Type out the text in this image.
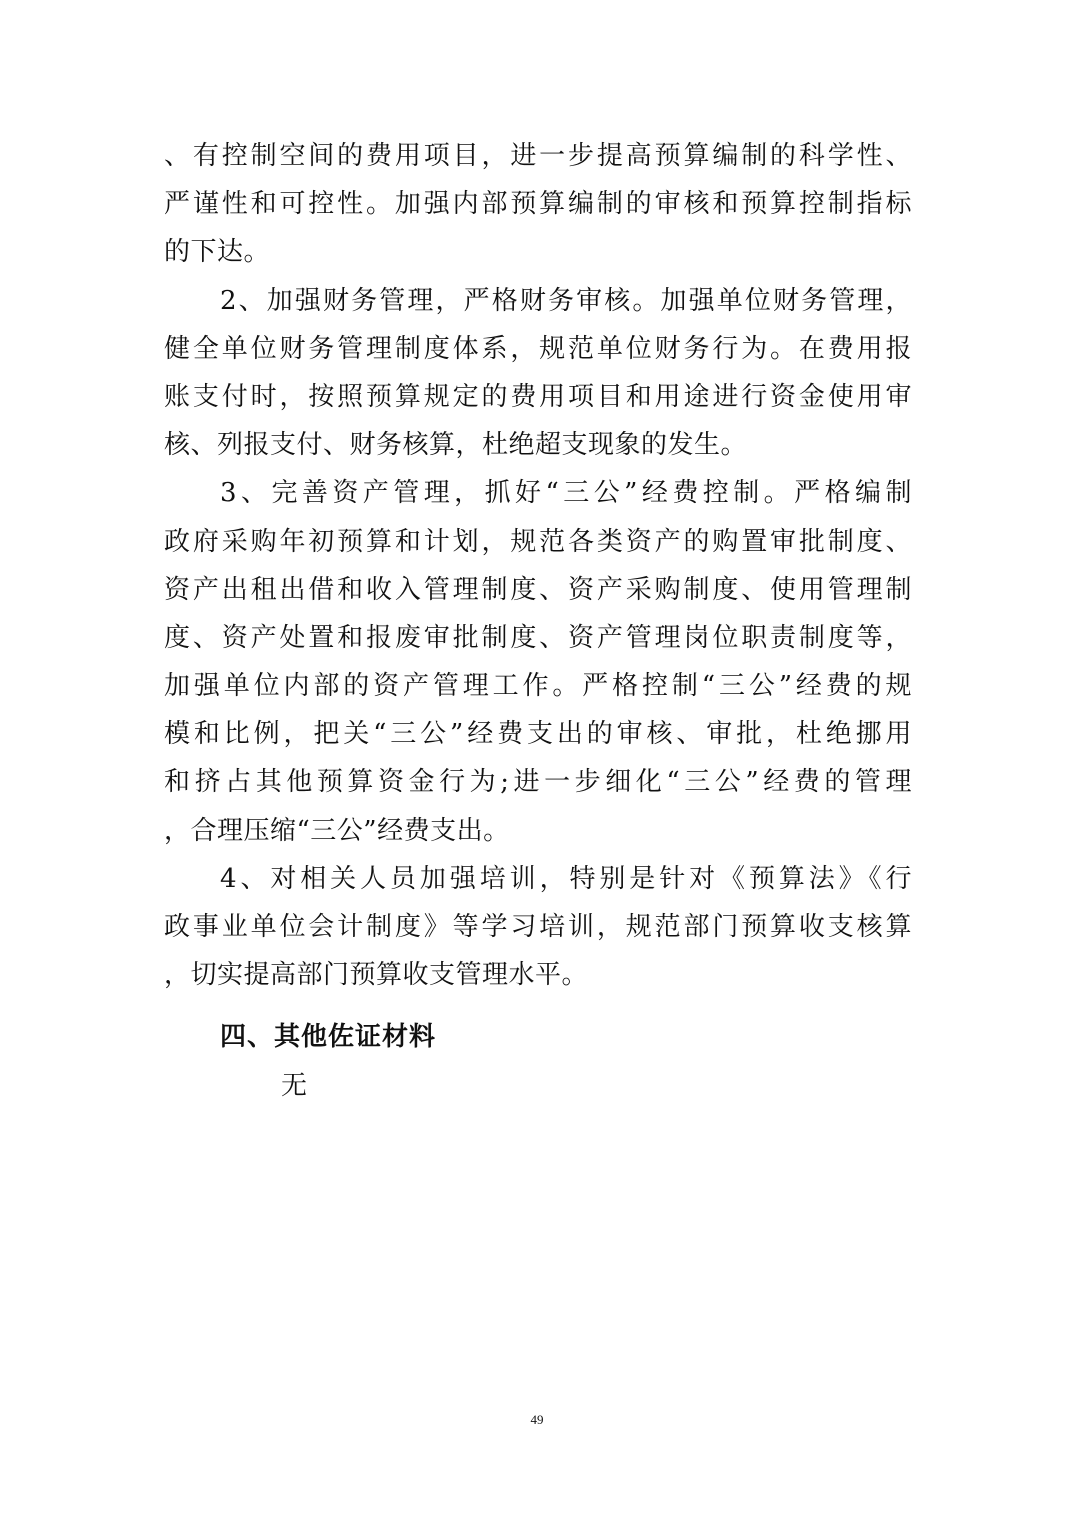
、有控制空间的费用项目，进一步提高预算编制的科学性、
严谨性和可控性。加强内部预算编制的审核和预算控制指标
的下达。
2、加强财务管理，严格财务审核。加强单位财务管理，
健全单位财务管理制度体系，规范单位财务行为。在费用报
账支付时，按照预算规定的费用项目和用途进行资金使用审
核、列报支付、财务核算，杜绝超支现象的发生。
3、完善资产管理，抓好“三公”经费控制。严格编制
政府采购年初预算和计划，规范各类资产的购置审批制度、
资产出租出借和收入管理制度、资产采购制度、使用管理制
度、资产处置和报废审批制度、资产管理岗位职责制度等，
加强单位内部的资产管理工作。严格控制“三公”经费的规
模和比例，把关“三公”经费支出的审核、审批，杜绝挪用
和挤占其他预算资金行为;进一步细化“三公”经费的管理
，合理压缩“三公”经费支出。
4、对相关人员加强培训，特别是针对《预算法》《行
政事业单位会计制度》等学习培训，规范部门预算收支核算
，切实提高部门预算收支管理水平。
四、其他佐证材料
无
49
